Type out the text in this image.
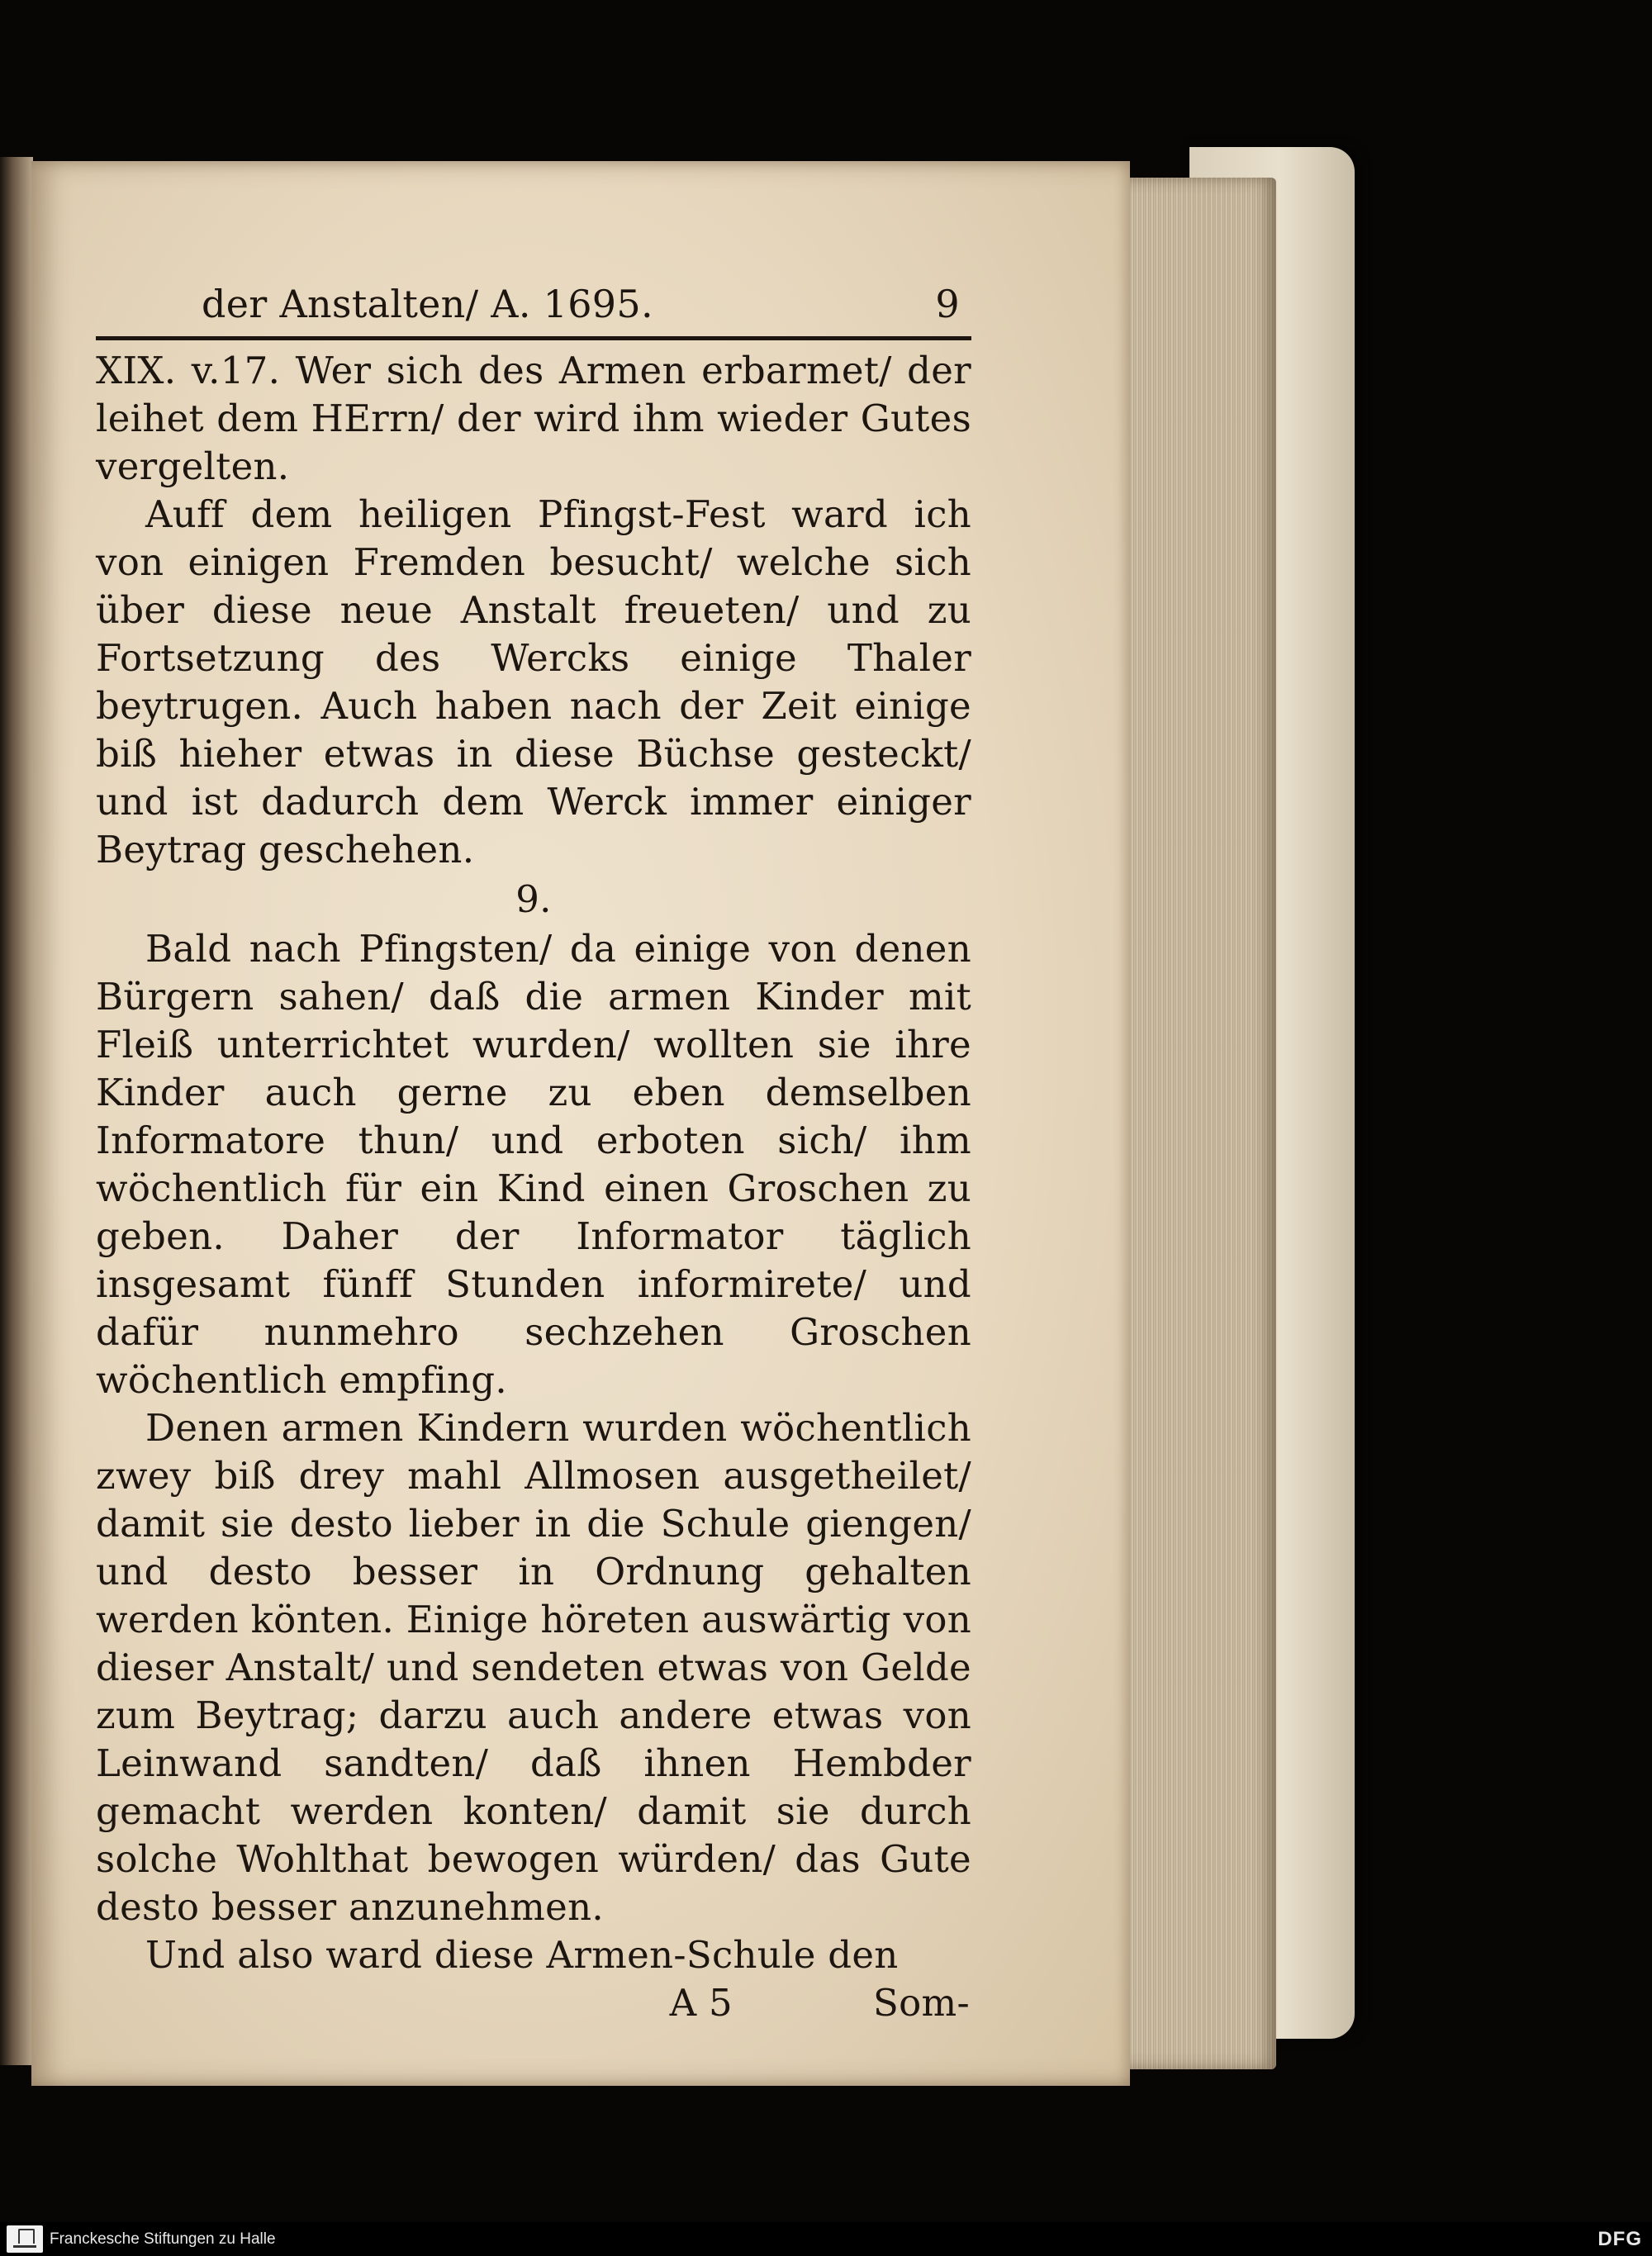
der Anstalten/ A. 1695.	9

XIX. v.17. Wer sich des Armen erbarmet/ der leihet dem HErrn/ der wird ihm wieder Gutes vergelten.

Auff dem heiligen Pfingst-Fest ward ich von einigen Fremden besucht/ welche sich über diese neue Anstalt freueten/ und zu Fortsetzung des Wercks einige Thaler beytrugen. Auch haben nach der Zeit einige biß hieher etwas in diese Büchse gesteckt/ und ist dadurch dem Werck immer einiger Beytrag geschehen.

9.

Bald nach Pfingsten/ da einige von denen Bürgern sahen/ daß die armen Kinder mit Fleiß unterrichtet wurden/ wollten sie ihre Kinder auch gerne zu eben demselben Informatore thun/ und erboten sich/ ihm wöchentlich für ein Kind einen Groschen zu geben. Daher der Informator täglich insgesamt fünff Stunden informirete/ und dafür nunmehro sechzehen Groschen wöchentlich empfing.

Denen armen Kindern wurden wöchentlich zwey biß drey mahl Allmosen ausgetheilet/ damit sie desto lieber in die Schule giengen/ und desto besser in Ordnung gehalten werden könten. Einige höreten auswärtig von dieser Anstalt/ und sendeten etwas von Gelde zum Beytrag; darzu auch andere etwas von Leinwand sandten/ daß ihnen Hembder gemacht werden konten/ damit sie durch solche Wohlthat bewogen würden/ das Gute desto besser anzunehmen.

Und also ward diese Armen-Schule den

A 5	Som-
Franckesche Stiftungen zu Halle	DFG
